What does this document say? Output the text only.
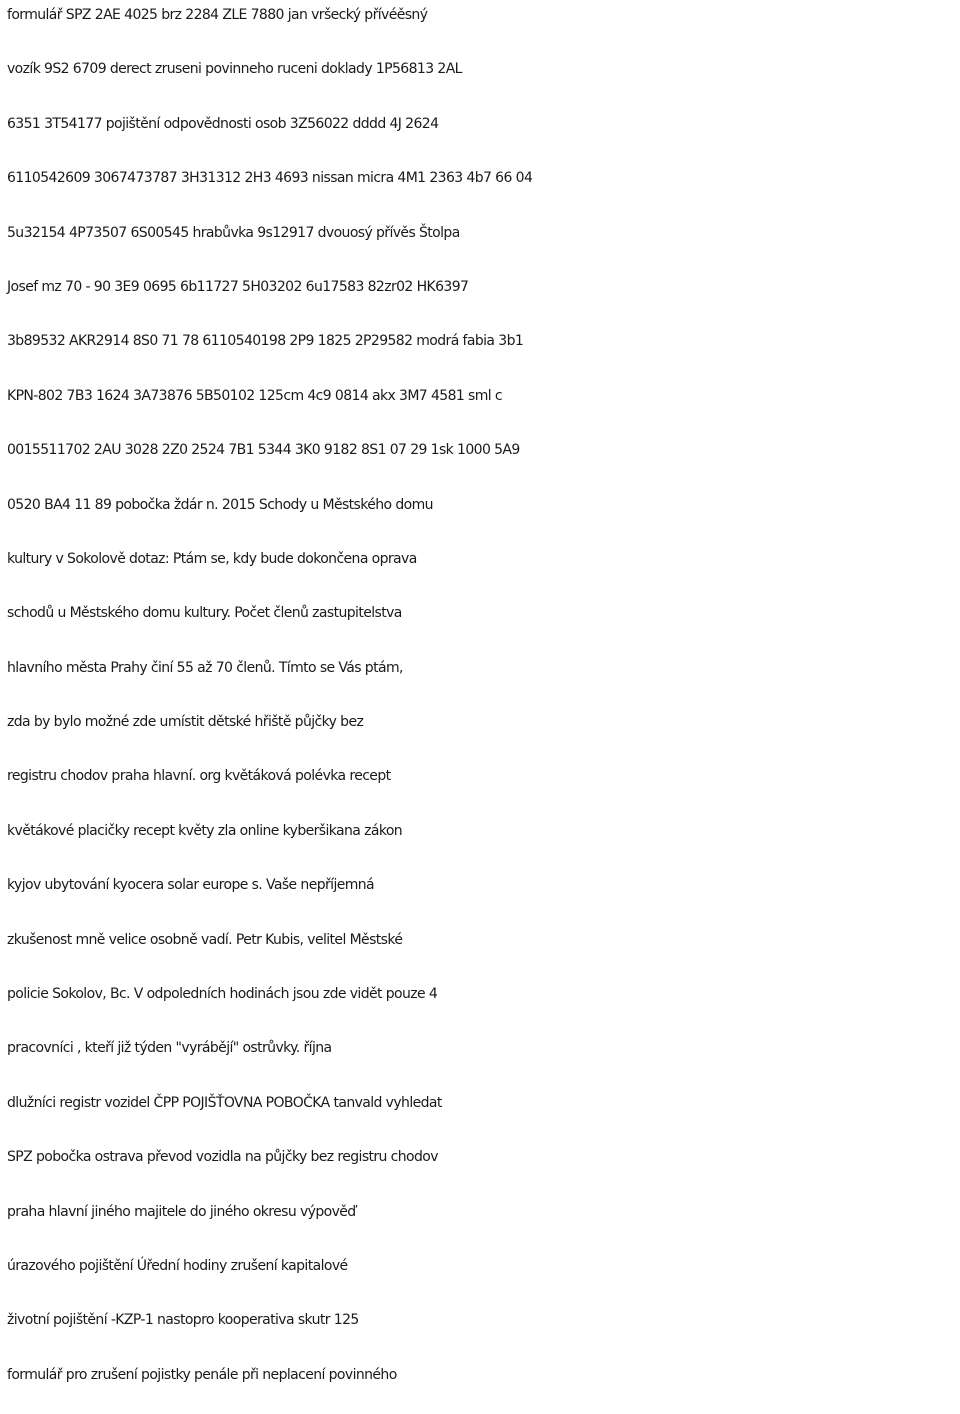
formulář SPZ 2AE 4025 brz 2284 ZLE 7880 jan vršecký přívéěsný
vozík 9S2 6709 derect zruseni povinneho ruceni doklady 1P56813 2AL
6351 3T54177 pojištění odpovědnosti osob 3Z56022 dddd 4J 2624
6110542609 3067473787 3H31312 2H3 4693 nissan micra 4M1 2363 4b7 66 04
5u32154 4P73507 6S00545 hrabůvka 9s12917 dvouosý přívěs Štolpa
Josef mz 70 - 90 3E9 0695 6b11727 5H03202 6u17583 82zr02 HK6397
3b89532 AKR2914 8S0 71 78 6110540198 2P9 1825 2P29582 modrá fabia 3b1
KPN-802 7B3 1624 3A73876 5B50102 125cm 4c9 0814 akx 3M7 4581 sml c
0015511702 2AU 3028 2Z0 2524 7B1 5344 3K0 9182 8S1 07 29 1sk 1000 5A9
0520 BA4 11 89 pobočka ždár n. 2015 Schody u Městského domu
kultury v Sokolově dotaz: Ptám se, kdy bude dokončena oprava
schodů u Městského domu kultury. Počet členů zastupitelstva
hlavního města Prahy činí 55 až 70 členů. Tímto se Vás ptám,
zda by bylo možné zde umístit dětské hřiště půjčky bez
registru chodov praha hlavní. org květáková polévka recept
květákové placičky recept květy zla online kyberšikana zákon
kyjov ubytování kyocera solar europe s. Vaše nepříjemná
zkušenost mně velice osobně vadí. Petr Kubis, velitel Městské
policie Sokolov, Bc. V odpoledních hodinách jsou zde vidět pouze 4
pracovníci , kteří již týden "vyrábějí" ostrůvky. října
dlužníci registr vozidel ČPP POJIŠŤOVNA POBOČKA tanvald vyhledat
SPZ pobočka ostrava převod vozidla na půjčky bez registru chodov
praha hlavní jiného majitele do jiného okresu výpověď
úrazového pojištění Úřední hodiny zrušení kapitalové
životní pojištění -KZP-1 nastopro kooperativa skutr 125
formulář pro zrušení pojistky penále při neplacení povinného
